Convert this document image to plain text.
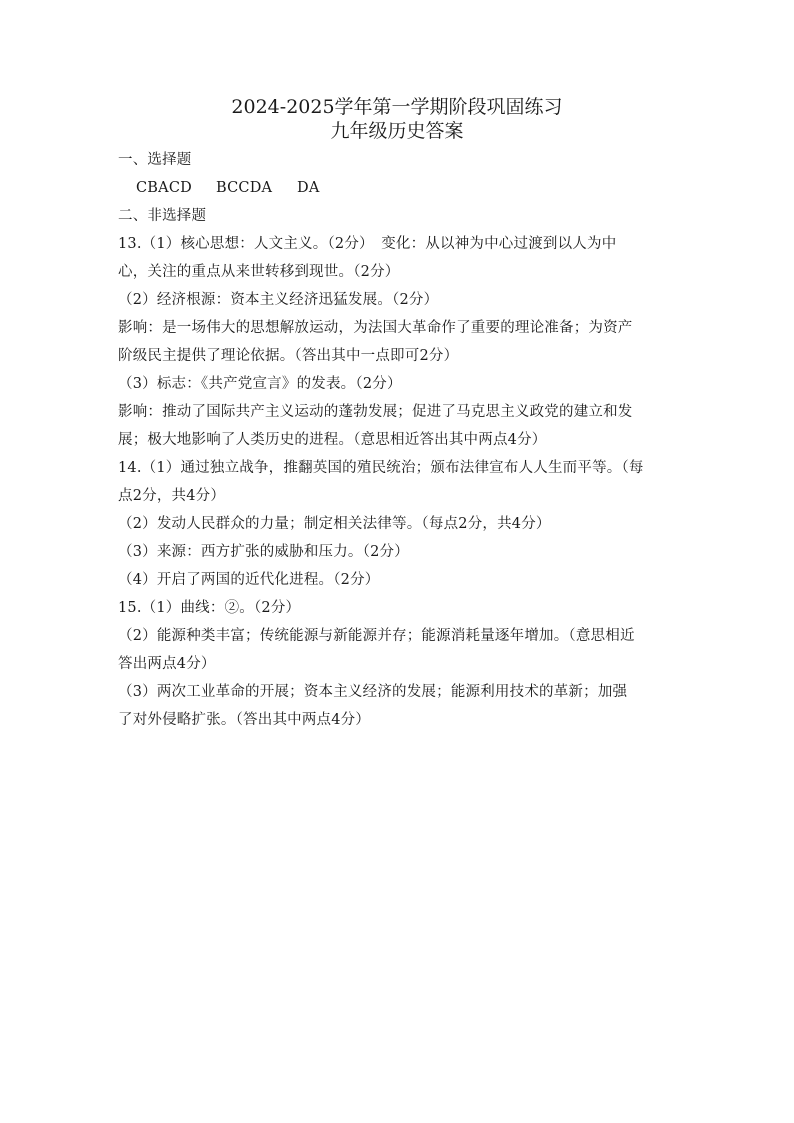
2024-2025学年第一学期阶段巩固练习
九年级历史答案
一、选择题
CBACD BCCDA DA
二、非选择题
13.（1）核心思想：人文主义。（2分）　变化：从以神为中心过渡到以人为中
心，关注的重点从来世转移到现世。（2分）
（2）经济根源：资本主义经济迅猛发展。（2分）
影响：是一场伟大的思想解放运动，为法国大革命作了重要的理论准备；为资产
阶级民主提供了理论依据。（答出其中一点即可2分）
（3）标志：《共产党宣言》的发表。（2分）
影响：推动了国际共产主义运动的蓬勃发展；促进了马克思主义政党的建立和发
展；极大地影响了人类历史的进程。（意思相近答出其中两点4分）
14.（1）通过独立战争，推翻英国的殖民统治；颁布法律宣布人人生而平等。（每
点2分，共4分）
（2）发动人民群众的力量；制定相关法律等。（每点2分，共4分）
（3）来源：西方扩张的威胁和压力。（2分）
（4）开启了两国的近代化进程。（2分）
15.（1）曲线：②。（2分）
（2）能源种类丰富；传统能源与新能源并存；能源消耗量逐年增加。（意思相近
答出两点4分）
（3）两次工业革命的开展；资本主义经济的发展；能源利用技术的革新；加强
了对外侵略扩张。（答出其中两点4分）
